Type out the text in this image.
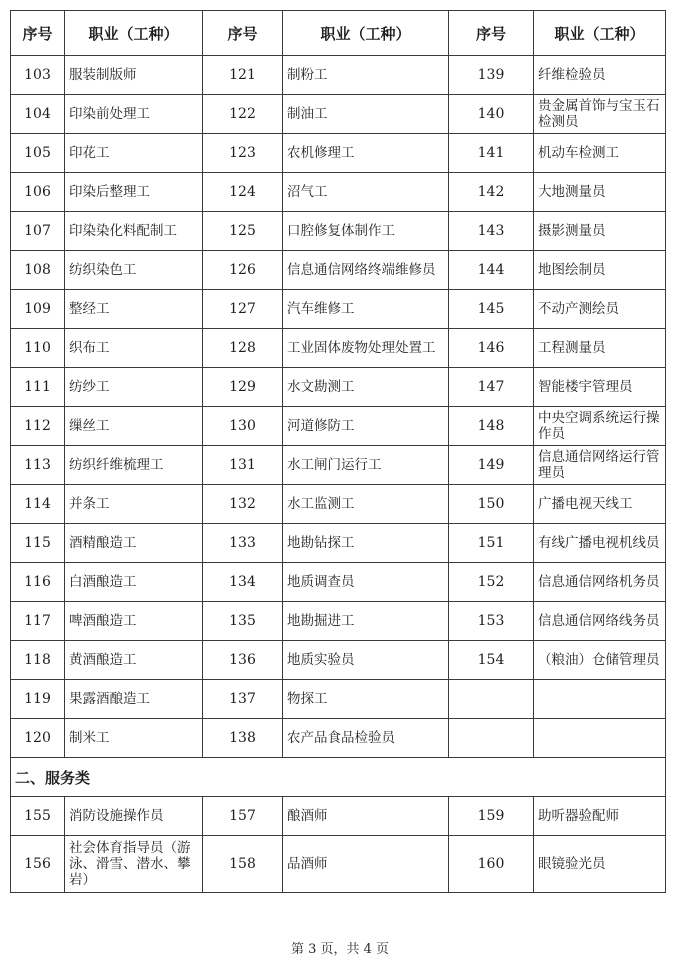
序号	职业（工种）	序号	职业（工种）	序号	职业（工种）
103	服装制版师	121	制粉工	139	纤维检验员
104	印染前处理工	122	制油工	140	贵金属首饰与宝玉石检测员
105	印花工	123	农机修理工	141	机动车检测工
106	印染后整理工	124	沼气工	142	大地测量员
107	印染染化料配制工	125	口腔修复体制作工	143	摄影测量员
108	纺织染色工	126	信息通信网络终端维修员	144	地图绘制员
109	整经工	127	汽车维修工	145	不动产测绘员
110	织布工	128	工业固体废物处理处置工	146	工程测量员
111	纺纱工	129	水文勘测工	147	智能楼宇管理员
112	缫丝工	130	河道修防工	148	中央空调系统运行操作员
113	纺织纤维梳理工	131	水工闸门运行工	149	信息通信网络运行管理员
114	并条工	132	水工监测工	150	广播电视天线工
115	酒精酿造工	133	地勘钻探工	151	有线广播电视机线员
116	白酒酿造工	134	地质调查员	152	信息通信网络机务员
117	啤酒酿造工	135	地勘掘进工	153	信息通信网络线务员
118	黄酒酿造工	136	地质实验员	154	（粮油）仓储管理员
119	果露酒酿造工	137	物探工		
120	制米工	138	农产品食品检验员		
二、服务类					
155	消防设施操作员	157	酿酒师	159	助听器验配师
156	社会体育指导员（游泳、滑雪、潜水、攀岩）	158	品酒师	160	眼镜验光员
第 3 页，共 4 页
